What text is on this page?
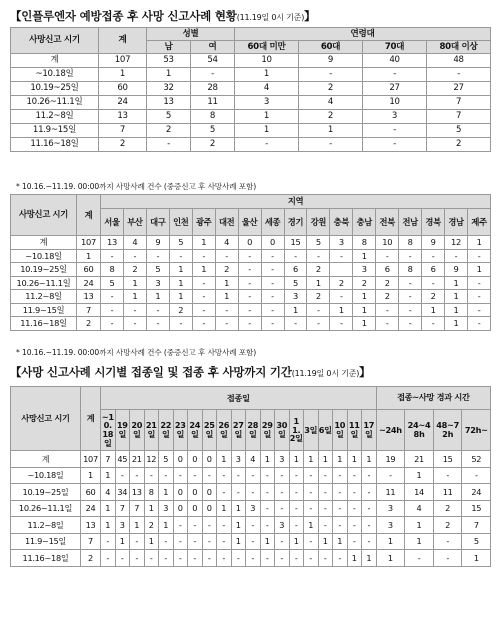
【인플루엔자 예방접종 후 사망 신고사례 현황(11.19일 0시 기준)】
사망신고 시기	계	성별		연령대			
		남	여	60대 미만	60대	70대	80대 이상
계	107	53	54	10	9	40	48
~10.18일	1	1	-	1	-	-	-
10.19~25일	60	32	28	4	2	27	27
10.26~11.1일	24	13	11	3	4	10	7
11.2~8일	13	5	8	1	2	3	7
11.9~15일	7	2	5	1	1	-	5
11.16~18일	2	-	2	-	-	-	2
* 10.16.~11.19. 00:00까지 사망사례 건수 (중증신고 후 사망사례 포함)
사망신고 시기	계	지역																
		서울	부산	대구	인천	광주	대전	울산	세종	경기	강원	충북	충남	전북	전남	경북	경남	제주
계	107	13	4	9	5	1	4	0	0	15	5	3	8	10	8	9	12	1
~10.18일	1	-	-	-	-	-	-	-	-	-	-	-	1	-	-	-	-	-
10.19~25일	60	8	2	5	1	1	2	-	-	6	2		3	6	8	6	9	1
10.26~11.1일	24	5	1	3	1	-	1	-	-	5	1	2	2	2	-	-	1	-
11.2~8일	13	-	1	1	1	-	1	-	-	3	2	-	1	2	-	2	1	-
11.9~15일	7	-	-	-	2	-	-	-	-	1	-	1	1	-	-	1	1	-
11.16~18일	2	-	-	-	-	-	-	-	-	-	-	-	1	-	-	-	1	-
* 10.16.~11.19. 00:00까지 사망사례 건수 (중증신고 후 사망사례 포함)
【사망 신고사례 시기별 접종일 및 접종 후 사망까지 기간(11.19일 0시 기준)】
사망신고 시기	계	접종일																			접종~사망 경과 시간			
		~10.18일	19일	20일	21일	22일	23일	24일	25일	26일	27일	28일	29일	30일	11.2일	3일	6일	10일	11일	17일	~24h	24~48h	48~72h	72h~
계	107	7	45	21	12	5	0	0	0	1	3	4	1	3	1	1	1	1	1	1	19	21	15	52
~10.18일	1	1	-	-	-	-	-	-	-	-	-	-	-	-	-	-	-	-	-	-	-	1	-	-
10.19~25일	60	4	34	13	8	1	0	0	0	-	-	-	-	-	-	-	-	-	-	-	11	14	11	24
10.26~11.1일	24	1	7	7	1	3	0	0	0	1	1	3	-	-	-	-	-	-	-	-	3	4	2	15
11.2~8일	13	1	3	1	2	1	-	-	-	-	1	-	-	3	-	1	-	-	-	-	3	1	2	7
11.9~15일	7	-	1	-	1	-	-	-	-	-	1	-	1	-	1	-	1	1	-	-	1	1	-	5
11.16~18일	2	-	-	-	-	-	-	-	-	-	-	-	-	-	-	-	-	-	1	1	1	-	-	1
